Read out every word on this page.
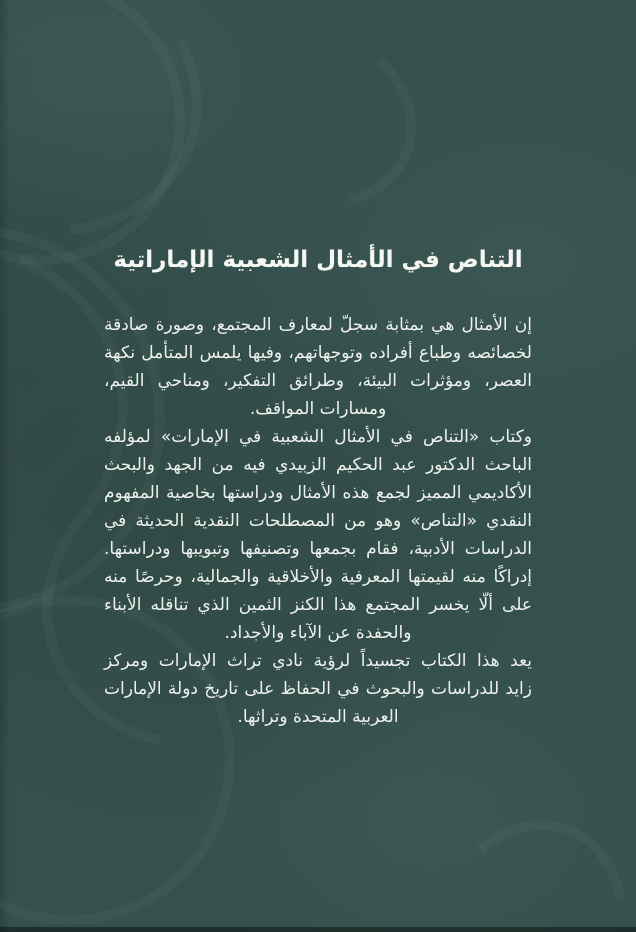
التناص في الأمثال الشعبية الإماراتية
إن الأمثال هي بمثابة سجلّ لمعارف المجتمع، وصورة صادقة
لخصائصه وطباع أفراده وتوجهاتهم، وفيها يلمس المتأمل نكهة
العصر، ومؤثرات البيئة، وطرائق التفكير، ومناحي القيم،
ومسارات المواقف.
وكتاب «التناص في الأمثال الشعبية في الإمارات» لمؤلفه
الباحث الدكتور عبد الحكيم الزبيدي فيه من الجهد والبحث
الأكاديمي المميز لجمع هذه الأمثال ودراستها بخاصية المفهوم
النقدي «التناص» وهو من المصطلحات النقدية الحديثة في
الدراسات الأدبية، فقام بجمعها وتصنيفها وتبويبها ودراستها.
إدراكًا منه لقيمتها المعرفية والأخلاقية والجمالية، وحرصًا منه
على ألّا يخسر المجتمع هذا الكنز الثمين الذي تناقله الأبناء
والحفدة عن الآباء والأجداد.
يعد هذا الكتاب تجسيداً لرؤية نادي تراث الإمارات ومركز
زايد للدراسات والبحوث في الحفاظ على تاريخ دولة الإمارات
العربية المتحدة وتراثها.
